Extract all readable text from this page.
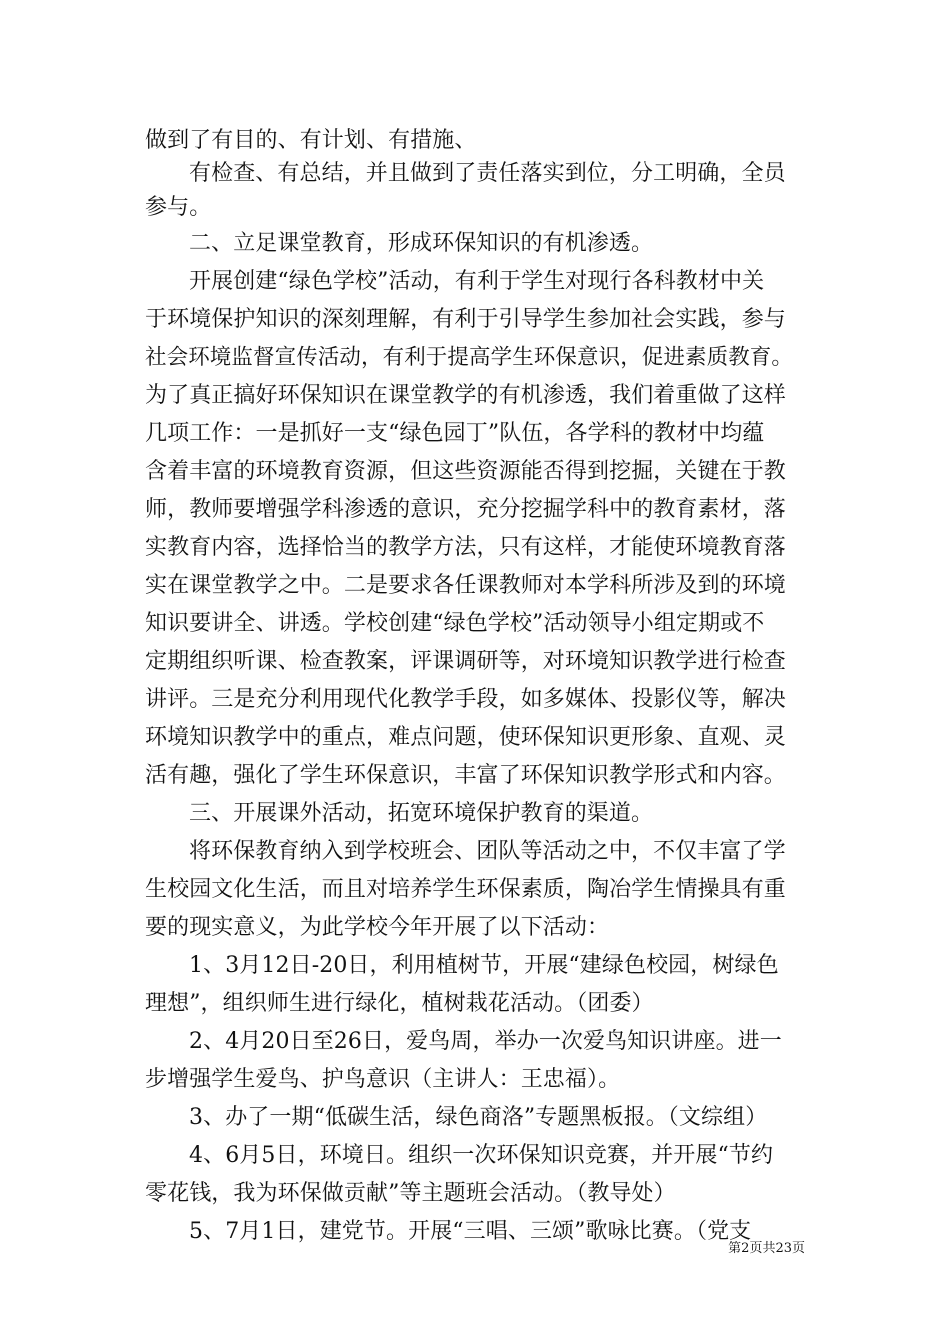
做到了有目的、有计划、有措施、
有检查、有总结，并且做到了责任落实到位，分工明确，全员
参与。
二、立足课堂教育，形成环保知识的有机渗透。
开展创建“绿色学校”活动，有利于学生对现行各科教材中关
于环境保护知识的深刻理解，有利于引导学生参加社会实践，参与
社会环境监督宣传活动，有利于提高学生环保意识，促进素质教育。
为了真正搞好环保知识在课堂教学的有机渗透，我们着重做了这样
几项工作：一是抓好一支“绿色园丁”队伍，各学科的教材中均蕴
含着丰富的环境教育资源，但这些资源能否得到挖掘，关键在于教
师，教师要增强学科渗透的意识，充分挖掘学科中的教育素材，落
实教育内容，选择恰当的教学方法，只有这样，才能使环境教育落
实在课堂教学之中。二是要求各任课教师对本学科所涉及到的环境
知识要讲全、讲透。学校创建“绿色学校”活动领导小组定期或不
定期组织听课、检查教案，评课调研等，对环境知识教学进行检查
讲评。三是充分利用现代化教学手段，如多媒体、投影仪等，解决
环境知识教学中的重点，难点问题，使环保知识更形象、直观、灵
活有趣，强化了学生环保意识，丰富了环保知识教学形式和内容。
三、开展课外活动，拓宽环境保护教育的渠道。
将环保教育纳入到学校班会、团队等活动之中，不仅丰富了学
生校园文化生活，而且对培养学生环保素质，陶冶学生情操具有重
要的现实意义，为此学校今年开展了以下活动：
1、3月12日-20日，利用植树节，开展“建绿色校园，树绿色
理想”，组织师生进行绿化，植树栽花活动。（团委）
2、4月20日至26日，爱鸟周，举办一次爱鸟知识讲座。进一
步增强学生爱鸟、护鸟意识（主讲人：王忠福）。
3、办了一期“低碳生活，绿色商洛”专题黑板报。（文综组）
4、6月5日，环境日。组织一次环保知识竞赛，并开展“节约
零花钱，我为环保做贡献”等主题班会活动。（教导处）
5、7月1日，建党节。开展“三唱、三颂”歌咏比赛。（党支
第2页共23页
